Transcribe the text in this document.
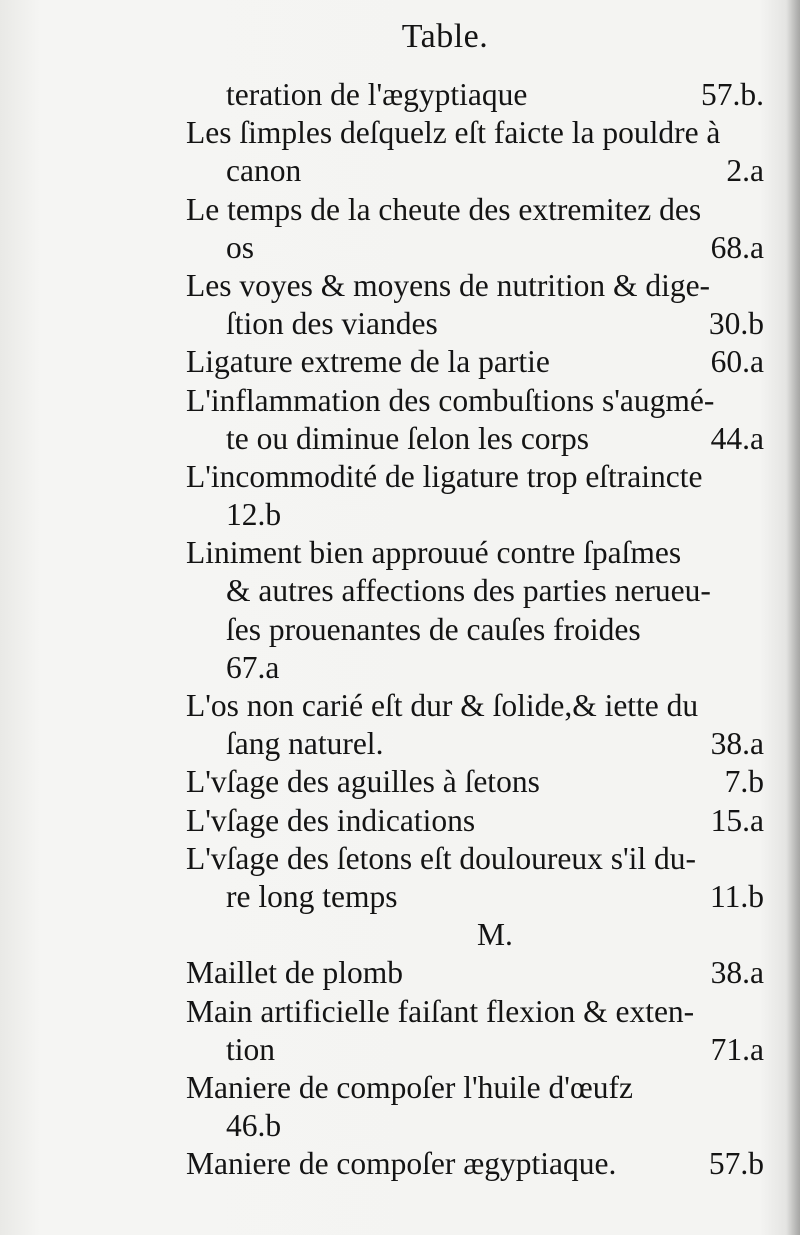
Table.
teration de l'ægyptiaque	57.b.
Les ſimples deſquelz eſt faicte la pouldre à
canon	2.a
Le temps de la cheute des extremitez des
os	68.a
Les voyes & moyens de nutrition & dige-
ſtion des viandes	30.b
Ligature extreme de la partie	60.a
L'inflammation des combuſtions s'augmé-
te ou diminue ſelon les corps	44.a
L'incommodité de ligature trop eſtraincte
12.b
Liniment bien approuué contre ſpaſmes
& autres affections des parties nerueu-
ſes prouenantes de cauſes froides
67.a
L'os non carié eſt dur & ſolide,& iette du
ſang naturel.	38.a
L'vſage des aguilles à ſetons	7.b
L'vſage des indications	15.a
L'vſage des ſetons eſt douloureux s'il du-
re long temps	11.b
M.
Maillet de plomb	38.a
Main artificielle faiſant flexion & exten-
tion	71.a
Maniere de compoſer l'huile d'œufz
46.b
Maniere de compoſer ægyptiaque.	57.b
